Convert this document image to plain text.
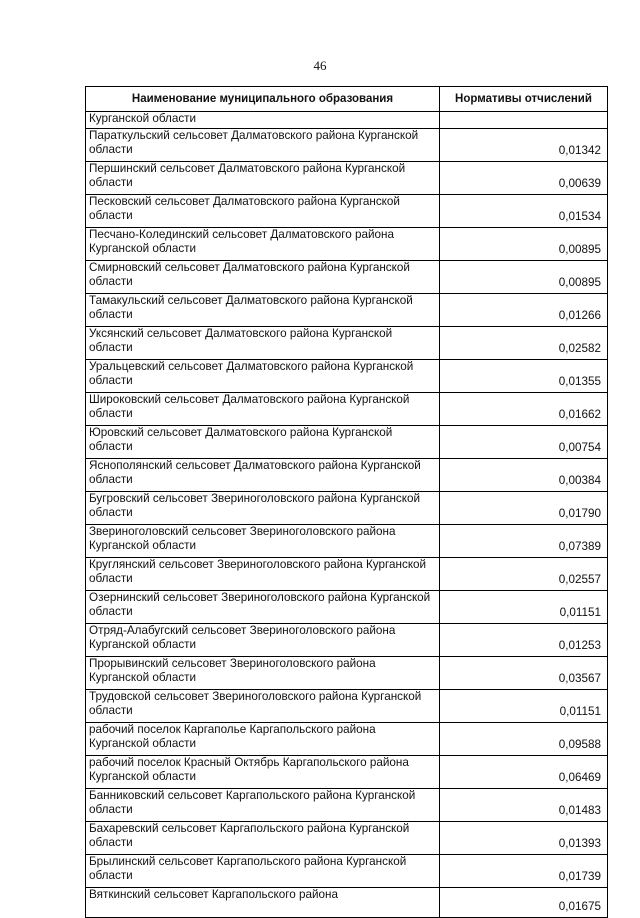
46
Наименование муниципального образования	Нормативы отчислений
Курганской области	
Параткульский сельсовет Далматовского района Курганской области	0,01342
Першинский сельсовет Далматовского района Курганской области	0,00639
Песковский сельсовет Далматовского района Курганской области	0,01534
Песчано-Колединский сельсовет Далматовского района Курганской области	0,00895
Смирновский сельсовет Далматовского района Курганской области	0,00895
Тамакульский сельсовет Далматовского района Курганской области	0,01266
Уксянский сельсовет Далматовского района Курганской области	0,02582
Уральцевский сельсовет Далматовского района Курганской области	0,01355
Широковский сельсовет Далматовского района Курганской области	0,01662
Юровский сельсовет Далматовского района Курганской области	0,00754
Яснополянский сельсовет Далматовского района Курганской области	0,00384
Бугровский сельсовет Звериноголовского района Курганской области	0,01790
Звериноголовский сельсовет Звериноголовского района Курганской области	0,07389
Круглянский сельсовет Звериноголовского района Курганской области	0,02557
Озернинский сельсовет Звериноголовского района Курганской области	0,01151
Отряд-Алабугский сельсовет Звериноголовского района Курганской области	0,01253
Прорывинский сельсовет Звериноголовского района Курганской области	0,03567
Трудовской сельсовет Звериноголовского района Курганской области	0,01151
рабочий поселок Каргаполье Каргапольского района Курганской области	0,09588
рабочий поселок Красный Октябрь Каргапольского района Курганской области	0,06469
Банниковский сельсовет Каргапольского района Курганской области	0,01483
Бахаревский сельсовет Каргапольского района Курганской области	0,01393
Брылинский сельсовет Каргапольского района Курганской области	0,01739
Вяткинский сельсовет Каргапольского района	0,01675
